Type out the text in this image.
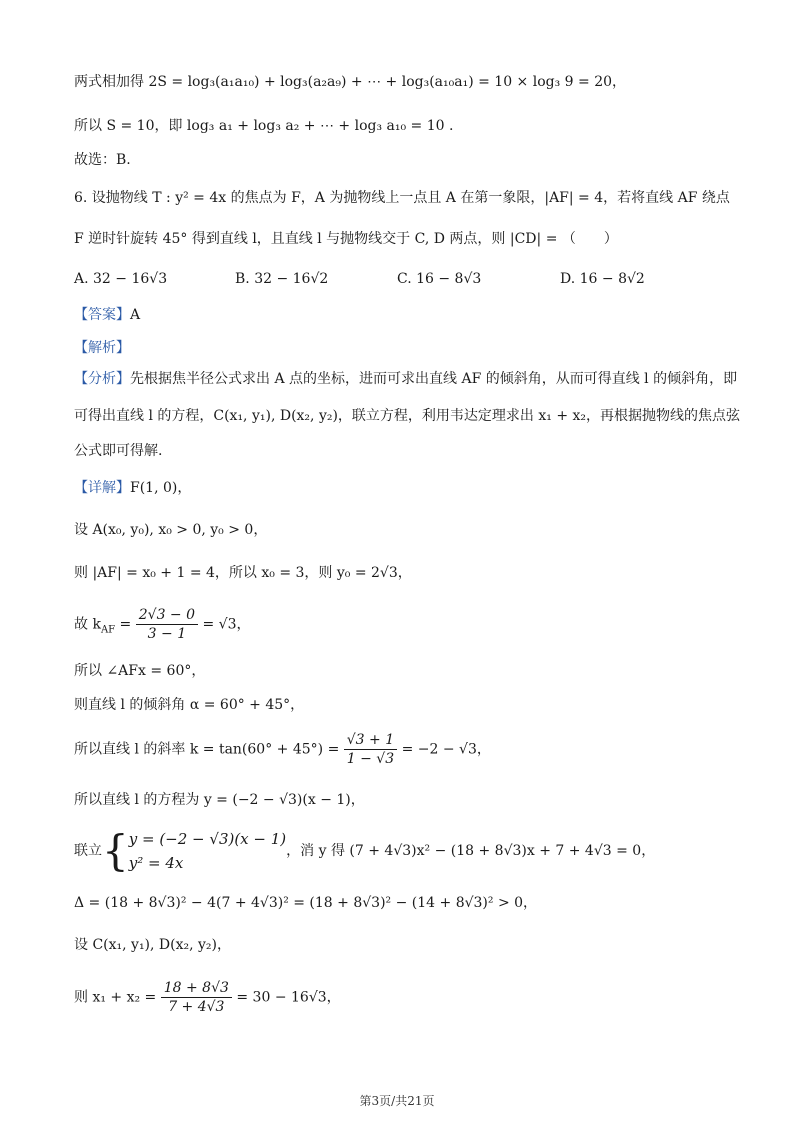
两式相加得 2S = log₃(a₁a₁₀) + log₃(a₂a₉) + ⋯ + log₃(a₁₀a₁) = 10 × log₃ 9 = 20，
所以 S = 10，即 log₃ a₁ + log₃ a₂ + ⋯ + log₃ a₁₀ = 10 .
故选：B.
6. 设抛物线 T : y² = 4x 的焦点为 F，A 为抛物线上一点且 A 在第一象限，|AF| = 4，若将直线 AF 绕点
F 逆时针旋转 45° 得到直线 l，且直线 l 与抛物线交于 C, D 两点，则 |CD| = （　　）
A. 32 − 16√3	B. 32 − 16√2	C. 16 − 8√3	D. 16 − 8√2
【答案】A
【解析】
【分析】先根据焦半径公式求出 A 点的坐标，进而可求出直线 AF 的倾斜角，从而可得直线 l 的倾斜角，即
可得出直线 l 的方程，C(x₁, y₁), D(x₂, y₂)，联立方程，利用韦达定理求出 x₁ + x₂，再根据抛物线的焦点弦
公式即可得解.
【详解】F(1, 0)，
设 A(x₀, y₀), x₀ > 0, y₀ > 0，
则 |AF| = x₀ + 1 = 4，所以 x₀ = 3，则 y₀ = 2√3，
故 $k_{AF} = \frac{2√3 - 0}{3 - 1} = √3$，
所以 ∠AFx = 60°，
则直线 l 的倾斜角 α = 60° + 45°，
所以直线 l 的斜率 $k = \tan(60^\circ + 45^\circ) = \frac{√3 + 1}{1 - √3} = -2 - √3$，
所以直线 l 的方程为 y = (−2 − √3)(x − 1)，
联立{ y = (−2 − √3)(x − 1)
y² = 4x
，消 y 得 (7 + 4√3)x² − (18 + 8√3)x + 7 + 4√3 = 0，
Δ = (18 + 8√3)² − 4(7 + 4√3)² = (18 + 8√3)² − (14 + 8√3)² > 0，
设 C(x₁, y₁), D(x₂, y₂)，
则 $x_1 + x_2 = \frac{18 + 8√3}{7 + 4√3} = 30 - 16√3$，
第3页/共21页
